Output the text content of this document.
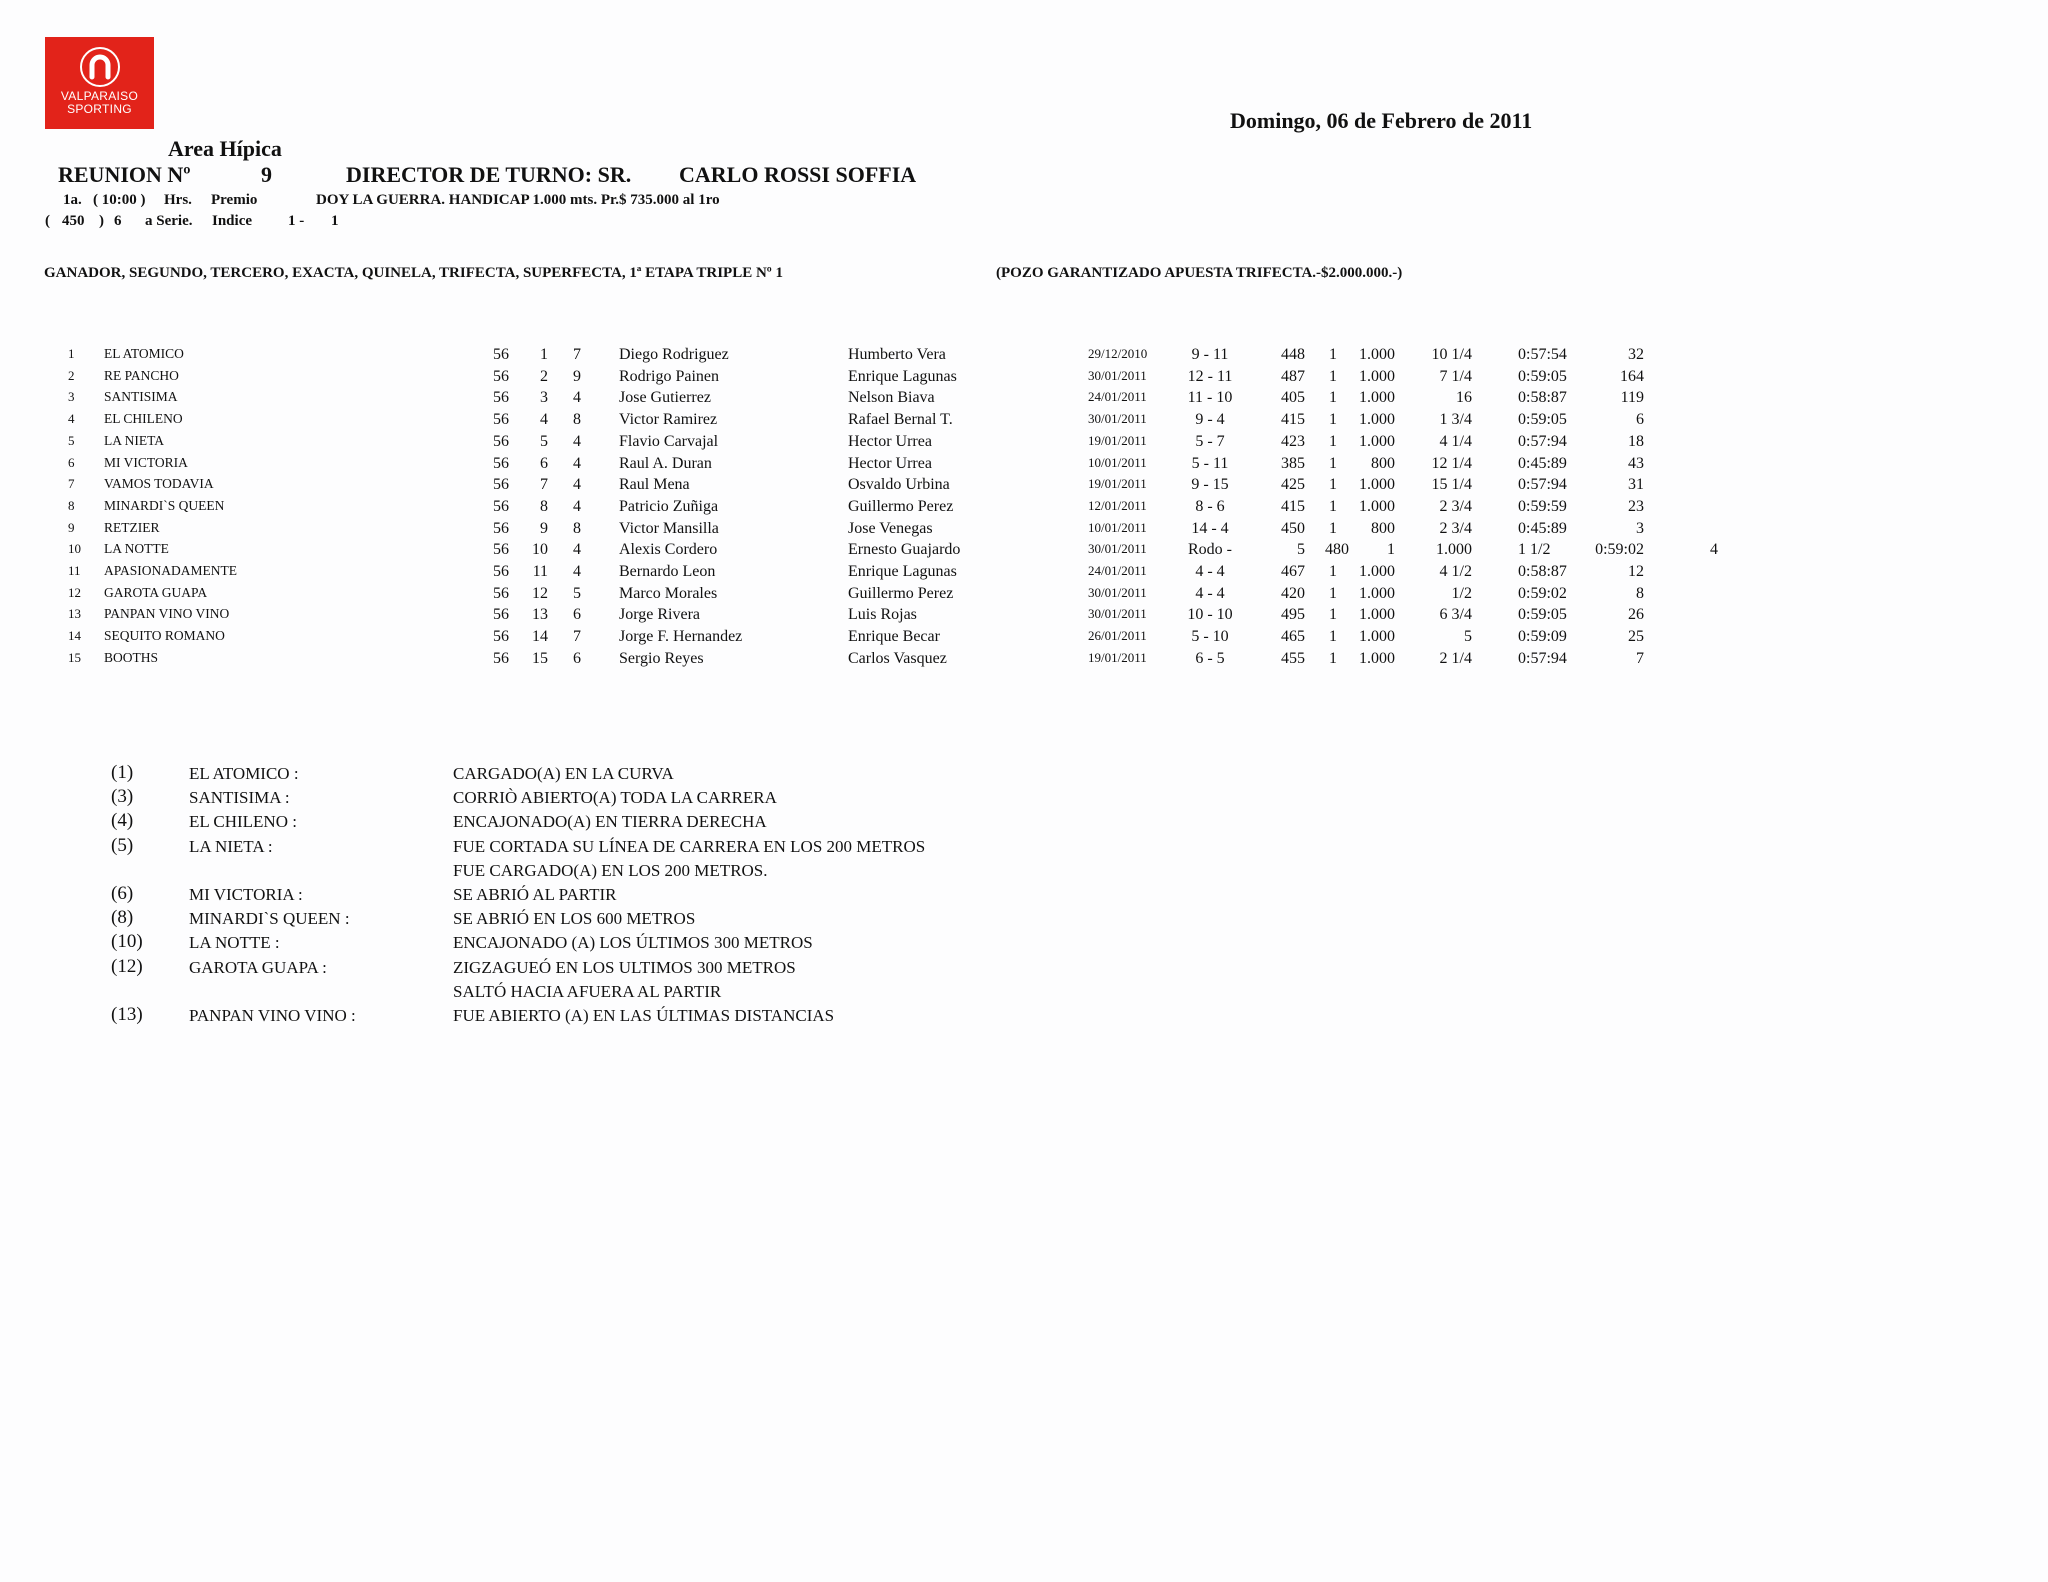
VALPARAISO
SPORTING	Domingo, 06 de Febrero de 2011
Area Hípica
REUNION Nº	9	DIRECTOR DE TURNO: SR. CARLO ROSSI SOFFIA
1a. ( 10:00 ) Hrs. Premio	DOY LA GUERRA. HANDICAP 1.000 mts. Pr.$ 735.000 al 1ro
( 450 ) 6 a Serie. Indice 1 - 1
GANADOR, SEGUNDO, TERCERO, EXACTA, QUINELA, TRIFECTA, SUPERFECTA, 1ª ETAPA TRIPLE Nº 1	(POZO GARANTIZADO APUESTA TRIFECTA.-$2.000.000.-)
1 EL ATOMICO	56	1	7 Diego Rodriguez	Humberto Vera	29/12/2010	9 - 11	448 1	1.000	10 1/4	0:57:54	32
2 RE PANCHO	56	2	9 Rodrigo Painen	Enrique Lagunas	30/01/2011	12 - 11	487 1	1.000	7 1/4	0:59:05	164
3 SANTISIMA	56	3	4 Jose Gutierrez	Nelson Biava	24/01/2011	11 - 10	405 1	1.000	16	0:58:87	119
4 EL CHILENO	56	4	8 Victor Ramirez	Rafael Bernal T.	30/01/2011	9 - 4	415 1	1.000	1 3/4	0:59:05	6
5 LA NIETA	56	5	4 Flavio Carvajal	Hector Urrea	19/01/2011	5 - 7	423 1	1.000	4 1/4	0:57:94	18
6 MI VICTORIA	56	6	4 Raul A. Duran	Hector Urrea	10/01/2011	5 - 11	385 1	800	12 1/4	0:45:89	43
7 VAMOS TODAVIA	56	7	4 Raul Mena	Osvaldo Urbina	19/01/2011	9 - 15	425 1	1.000	15 1/4	0:57:94	31
8 MINARDI`S QUEEN	56	8	4 Patricio Zuñiga	Guillermo Perez	12/01/2011	8 - 6	415 1	1.000	2 3/4	0:59:59	23
9 RETZIER	56	9	8 Victor Mansilla	Jose Venegas	10/01/2011	14 - 4	450 1	800	2 3/4	0:45:89	3
10 LA NOTTE	56 10	4 Alexis Cordero	Ernesto Guajardo	30/01/2011	Rodo -	5 480	1	1.000	1 1/2	0:59:02	4
11 APASIONADAMENTE	56 11	4 Bernardo Leon	Enrique Lagunas	24/01/2011	4 - 4	467 1	1.000	4 1/2	0:58:87	12
12 GAROTA GUAPA	56 12	5 Marco Morales	Guillermo Perez	30/01/2011	4 - 4	420 1	1.000	1/2	0:59:02	8
13 PANPAN VINO VINO	56 13	6 Jorge Rivera	Luis Rojas	30/01/2011	10 - 10	495 1	1.000	6 3/4	0:59:05	26
14 SEQUITO ROMANO	56 14	7 Jorge F. Hernandez	Enrique Becar	26/01/2011	5 - 10	465 1	1.000	5	0:59:09	25
15 BOOTHS	56 15	6 Sergio Reyes	Carlos Vasquez	19/01/2011	6 - 5	455 1	1.000	2 1/4	0:57:94	7
(1)	EL ATOMICO :	CARGADO(A) EN LA CURVA
(3)	SANTISIMA :	CORRIÒ ABIERTO(A) TODA LA CARRERA
(4)	EL CHILENO :	ENCAJONADO(A) EN TIERRA DERECHA
(5)	LA NIETA :	FUE CORTADA SU LÍNEA DE CARRERA EN LOS 200 METROS
FUE CARGADO(A) EN LOS 200 METROS.
(6)	MI VICTORIA :	SE ABRIÓ AL PARTIR
(8)	MINARDI`S QUEEN :	SE ABRIÓ EN LOS 600 METROS
(10)	LA NOTTE :	ENCAJONADO (A) LOS ÚLTIMOS 300 METROS
(12)	GAROTA GUAPA :	ZIGZAGUEÓ EN LOS ULTIMOS 300 METROS
SALTÓ HACIA AFUERA AL PARTIR
(13)	PANPAN VINO VINO :	FUE ABIERTO (A) EN LAS ÚLTIMAS DISTANCIAS
